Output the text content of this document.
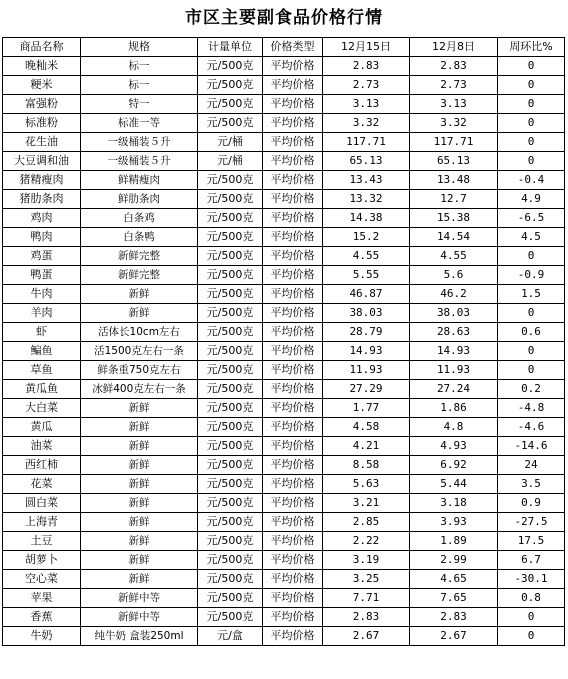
市区主要副食品价格行情
商品名称	规格	计量单位	价格类型	12月15日	12月8日	周环比%
晚籼米	标一	元/500克	平均价格	2.83	2.83	0
粳米	标一	元/500克	平均价格	2.73	2.73	0
富强粉	特一	元/500克	平均价格	3.13	3.13	0
标准粉	标准一等	元/500克	平均价格	3.32	3.32	0
花生油	一级桶装５升	元/桶	平均价格	117.71	117.71	0
大豆调和油	一级桶装５升	元/桶	平均价格	65.13	65.13	0
猪精瘦肉	鲜精瘦肉	元/500克	平均价格	13.43	13.48	-0.4
猪肋条肉	鲜肋条肉	元/500克	平均价格	13.32	12.7	4.9
鸡肉	白条鸡	元/500克	平均价格	14.38	15.38	-6.5
鸭肉	白条鸭	元/500克	平均价格	15.2	14.54	4.5
鸡蛋	新鲜完整	元/500克	平均价格	4.55	4.55	0
鸭蛋	新鲜完整	元/500克	平均价格	5.55	5.6	-0.9
牛肉	新鲜	元/500克	平均价格	46.87	46.2	1.5
羊肉	新鲜	元/500克	平均价格	38.03	38.03	0
虾	活体长10cm左右	元/500克	平均价格	28.79	28.63	0.6
鳊鱼	活1500克左右一条	元/500克	平均价格	14.93	14.93	0
草鱼	鲜条重750克左右	元/500克	平均价格	11.93	11.93	0
黄瓜鱼	冰鲜400克左右一条	元/500克	平均价格	27.29	27.24	0.2
大白菜	新鲜	元/500克	平均价格	1.77	1.86	-4.8
黄瓜	新鲜	元/500克	平均价格	4.58	4.8	-4.6
油菜	新鲜	元/500克	平均价格	4.21	4.93	-14.6
西红柿	新鲜	元/500克	平均价格	8.58	6.92	24
花菜	新鲜	元/500克	平均价格	5.63	5.44	3.5
圆白菜	新鲜	元/500克	平均价格	3.21	3.18	0.9
上海青	新鲜	元/500克	平均价格	2.85	3.93	-27.5
土豆	新鲜	元/500克	平均价格	2.22	1.89	17.5
胡萝卜	新鲜	元/500克	平均价格	3.19	2.99	6.7
空心菜	新鲜	元/500克	平均价格	3.25	4.65	-30.1
苹果	新鲜中等	元/500克	平均价格	7.71	7.65	0.8
香蕉	新鲜中等	元/500克	平均价格	2.83	2.83	0
牛奶	纯牛奶 盒装250ml	元/盒	平均价格	2.67	2.67	0
